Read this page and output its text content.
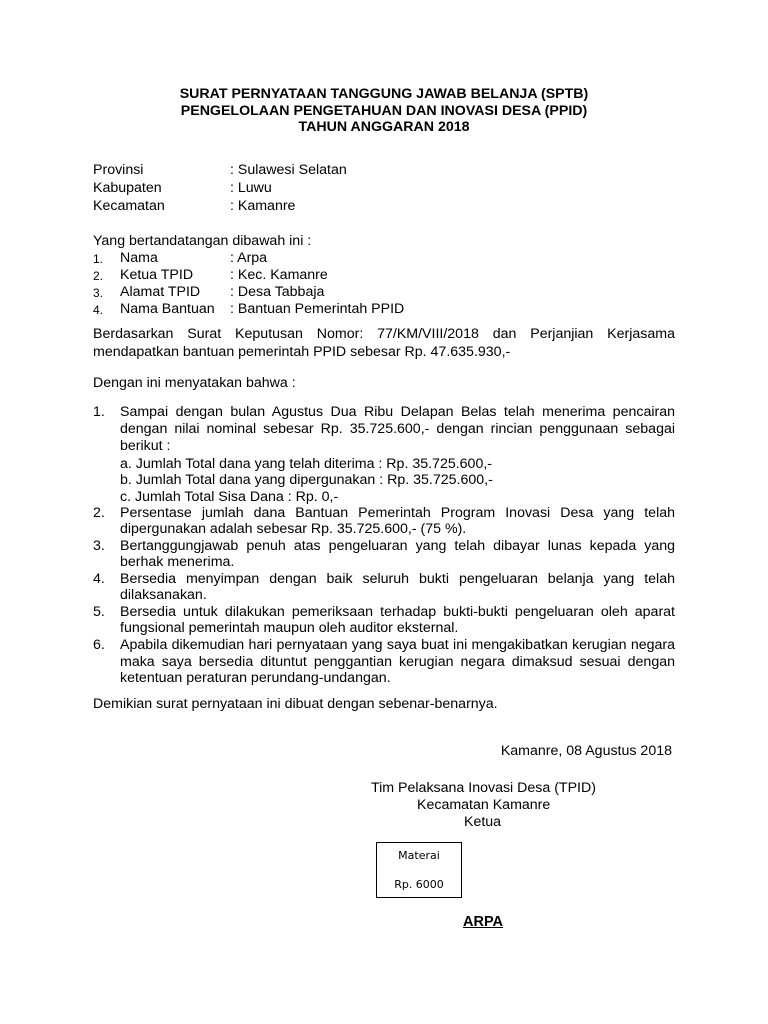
SURAT PERNYATAAN TANGGUNG JAWAB BELANJA (SPTB)
PENGELOLAAN PENGETAHUAN DAN INOVASI DESA (PPID)
TAHUN ANGGARAN 2018
Provinsi	: Sulawesi Selatan
Kabupaten	: Luwu
Kecamatan	: Kamanre
Yang bertandatangan dibawah ini :
1. Nama	: Arpa
2. Ketua TPID	: Kec. Kamanre
3. Alamat TPID : Desa Tabbaja
4. Nama Bantuan : Bantuan Pemerintah PPID
Berdasarkan Surat Keputusan Nomor: 77/KM/VIII/2018 dan Perjanjian Kerjasama
mendapatkan bantuan pemerintah PPID sebesar Rp. 47.635.930,-
Dengan ini menyatakan bahwa :
1. Sampai dengan bulan Agustus Dua Ribu Delapan Belas telah menerima pencairan
dengan nilai nominal sebesar Rp. 35.725.600,- dengan rincian penggunaan sebagai
berikut :
a. Jumlah Total dana yang telah diterima : Rp. 35.725.600,-
b. Jumlah Total dana yang dipergunakan : Rp. 35.725.600,-
c. Jumlah Total Sisa Dana : Rp. 0,-
2. Persentase jumlah dana Bantuan Pemerintah Program Inovasi Desa yang telah
dipergunakan adalah sebesar Rp. 35.725.600,- (75 %).
3. Bertanggungjawab penuh atas pengeluaran yang telah dibayar lunas kepada yang
berhak menerima.
4. Bersedia menyimpan dengan baik seluruh bukti pengeluaran belanja yang telah
dilaksanakan.
5. Bersedia untuk dilakukan pemeriksaan terhadap bukti-bukti pengeluaran oleh aparat
fungsional pemerintah maupun oleh auditor eksternal.
6. Apabila dikemudian hari pernyataan yang saya buat ini mengakibatkan kerugian negara
maka saya bersedia dituntut penggantian kerugian negara dimaksud sesuai dengan
ketentuan peraturan perundang-undangan.
Demikian surat pernyataan ini dibuat dengan sebenar-benarnya.
Kamanre, 08 Agustus 2018
Tim Pelaksana Inovasi Desa (TPID)
Kecamatan Kamanre
Ketua
Materai
Rp. 6000
ARPA
